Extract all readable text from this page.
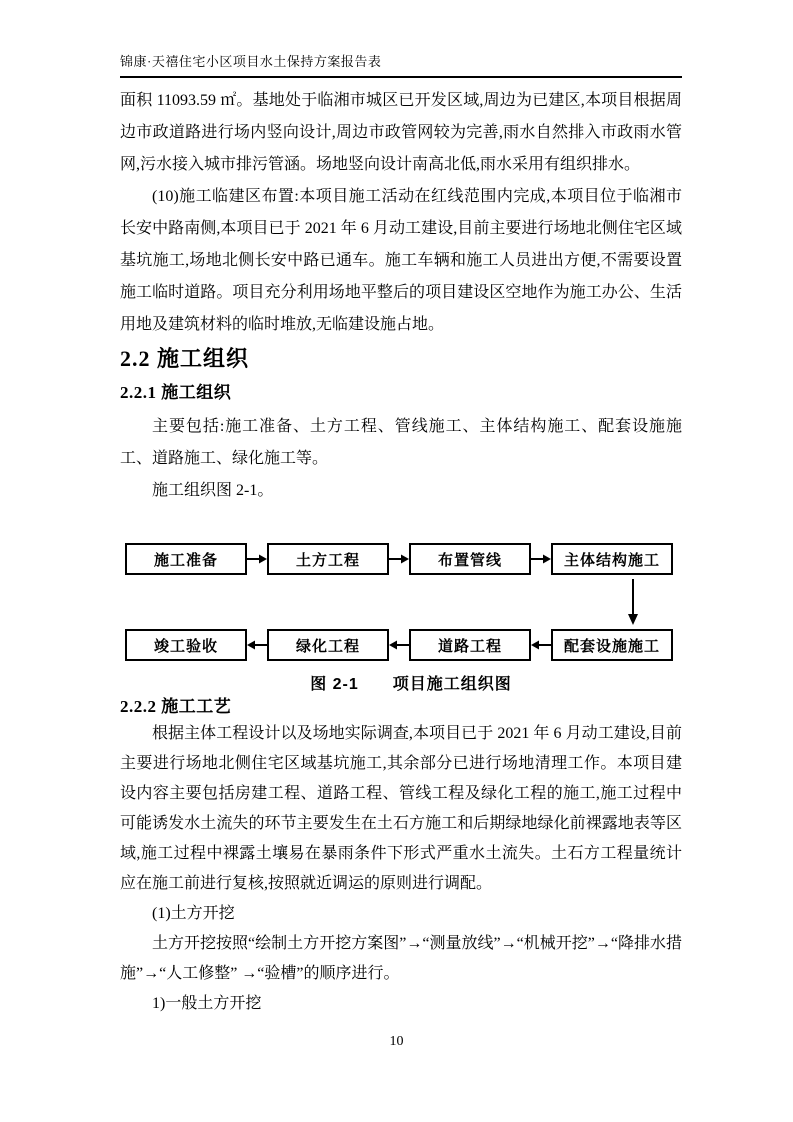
锦康·天禧住宅小区项目水土保持方案报告表

面积 11093.59 ㎡。基地处于临湘市城区已开发区域,周边为已建区,本项目根据周边市政道路进行场内竖向设计,周边市政管网较为完善,雨水自然排入市政雨水管网,污水接入城市排污管涵。场地竖向设计南高北低,雨水采用有组织排水。

(10)施工临建区布置:本项目施工活动在红线范围内完成,本项目位于临湘市长安中路南侧,本项目已于 2021 年 6 月动工建设,目前主要进行场地北侧住宅区域基坑施工,场地北侧长安中路已通车。施工车辆和施工人员进出方便,不需要设置施工临时道路。项目充分利用场地平整后的项目建设区空地作为施工办公、生活用地及建筑材料的临时堆放,无临建设施占地。

2.2 施工组织
2.2.1 施工组织

主要包括:施工准备、土方工程、管线施工、主体结构施工、配套设施施工、道路施工、绿化施工等。

施工组织图 2-1。

施工准备	土方工程	布置管线	主体结构施工
竣工验收	绿化工程	道路工程	配套设施施工
图 2-1 项目施工组织图
2.2.2 施工工艺

根据主体工程设计以及场地实际调查,本项目已于 2021 年 6 月动工建设,目前主要进行场地北侧住宅区域基坑施工,其余部分已进行场地清理工作。本项目建设内容主要包括房建工程、道路工程、管线工程及绿化工程的施工,施工过程中可能诱发水土流失的环节主要发生在土石方施工和后期绿地绿化前裸露地表等区域,施工过程中裸露土壤易在暴雨条件下形式严重水土流失。土石方工程量统计应在施工前进行复核,按照就近调运的原则进行调配。

(1)土方开挖

土方开挖按照“绘制土方开挖方案图”→“测量放线”→“机械开挖”→“降排水措施”→“人工修整” →“验槽”的顺序进行。

1)一般土方开挖

10
